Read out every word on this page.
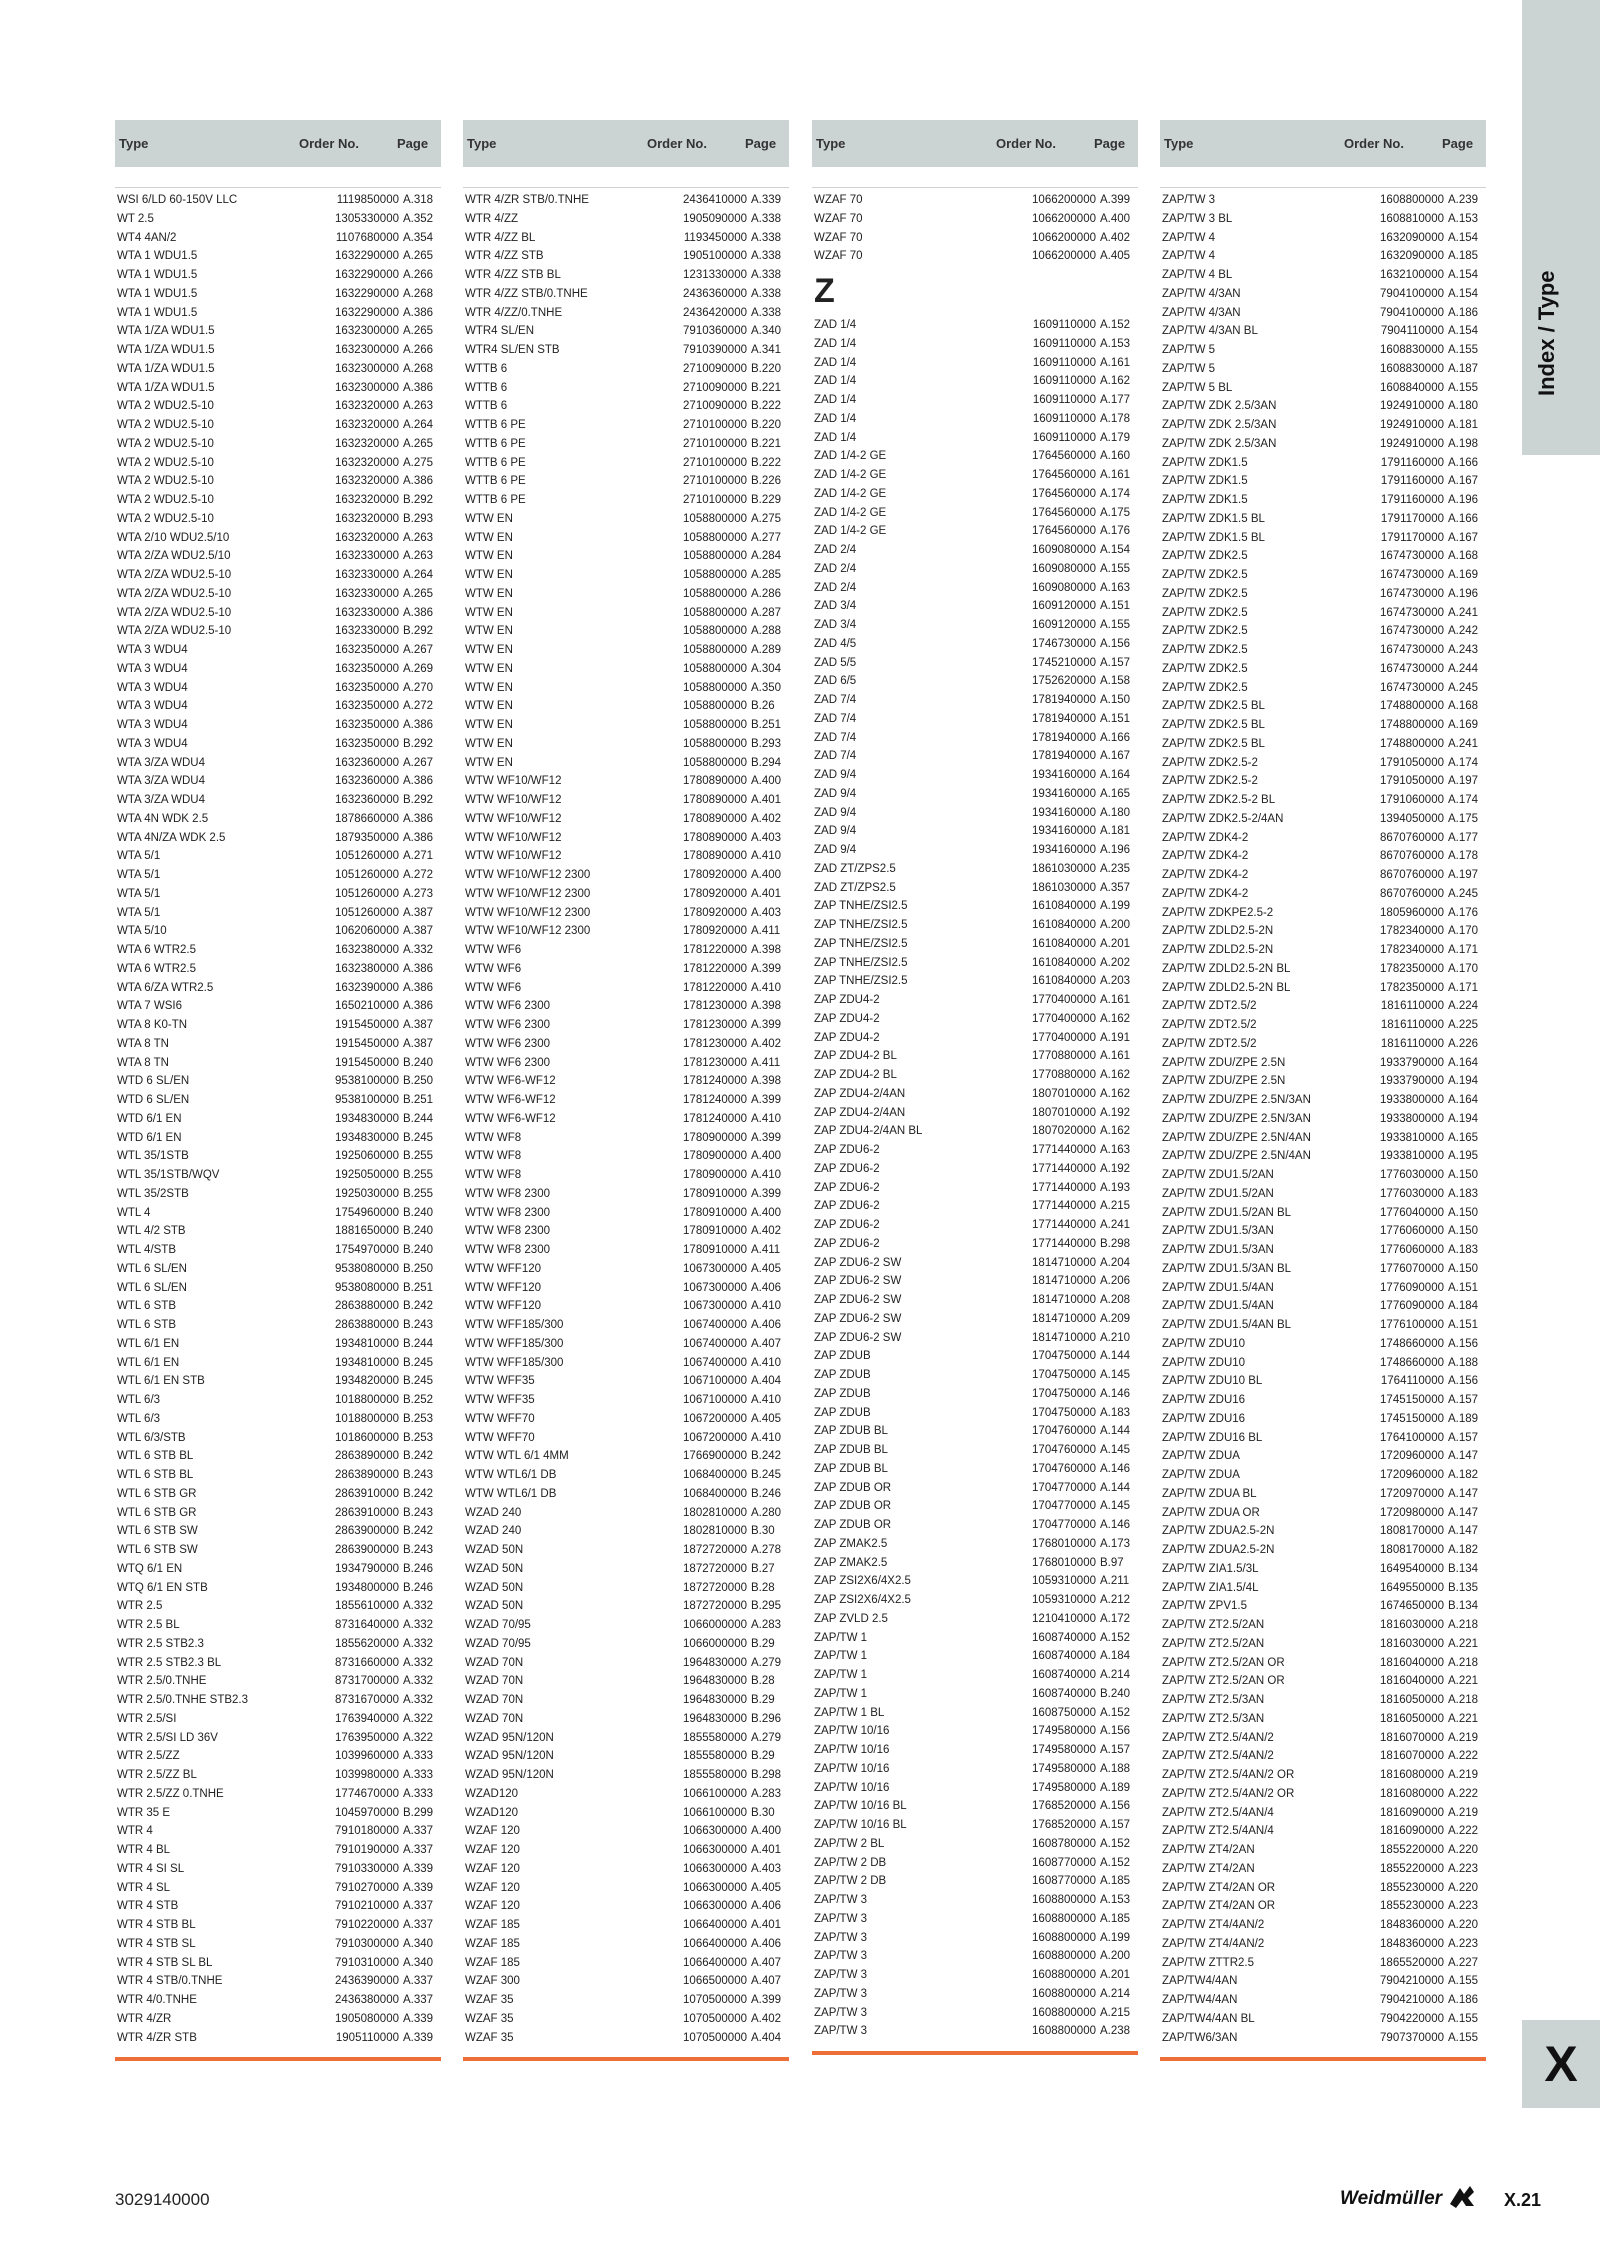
Index / Type
X
Type	Order No.	Page
WSI 6/LD 60-150V LLC	1119850000 A.318
WT 2.5	1305330000 A.352
WT4 4AN/2	1107680000 A.354
WTA 1 WDU1.5	1632290000 A.265
WTA 1 WDU1.5	1632290000 A.266
WTA 1 WDU1.5	1632290000 A.268
WTA 1 WDU1.5	1632290000 A.386
WTA 1/ZA WDU1.5	1632300000 A.265
WTA 1/ZA WDU1.5	1632300000 A.266
WTA 1/ZA WDU1.5	1632300000 A.268
WTA 1/ZA WDU1.5	1632300000 A.386
WTA 2 WDU2.5-10	1632320000 A.263
WTA 2 WDU2.5-10	1632320000 A.264
WTA 2 WDU2.5-10	1632320000 A.265
WTA 2 WDU2.5-10	1632320000 A.275
WTA 2 WDU2.5-10	1632320000 A.386
WTA 2 WDU2.5-10	1632320000 B.292
WTA 2 WDU2.5-10	1632320000 B.293
WTA 2/10 WDU2.5/10	1632320000 A.263
WTA 2/ZA WDU2.5/10	1632330000 A.263
WTA 2/ZA WDU2.5-10	1632330000 A.264
WTA 2/ZA WDU2.5-10	1632330000 A.265
WTA 2/ZA WDU2.5-10	1632330000 A.386
WTA 2/ZA WDU2.5-10	1632330000 B.292
WTA 3 WDU4	1632350000 A.267
WTA 3 WDU4	1632350000 A.269
WTA 3 WDU4	1632350000 A.270
WTA 3 WDU4	1632350000 A.272
WTA 3 WDU4	1632350000 A.386
WTA 3 WDU4	1632350000 B.292
WTA 3/ZA WDU4	1632360000 A.267
WTA 3/ZA WDU4	1632360000 A.386
WTA 3/ZA WDU4	1632360000 B.292
WTA 4N WDK 2.5	1878660000 A.386
WTA 4N/ZA WDK 2.5	1879350000 A.386
WTA 5/1	1051260000 A.271
WTA 5/1	1051260000 A.272
WTA 5/1	1051260000 A.273
WTA 5/1	1051260000 A.387
WTA 5/10	1062060000 A.387
WTA 6 WTR2.5	1632380000 A.332
WTA 6 WTR2.5	1632380000 A.386
WTA 6/ZA WTR2.5	1632390000 A.386
WTA 7 WSI6	1650210000 A.386
WTA 8 K0-TN	1915450000 A.387
WTA 8 TN	1915450000 A.387
WTA 8 TN	1915450000 B.240
WTD 6 SL/EN	9538100000 B.250
WTD 6 SL/EN	9538100000 B.251
WTD 6/1 EN	1934830000 B.244
WTD 6/1 EN	1934830000 B.245
WTL 35/1STB	1925060000 B.255
WTL 35/1STB/WQV	1925050000 B.255
WTL 35/2STB	1925030000 B.255
WTL 4	1754960000 B.240
WTL 4/2 STB	1881650000 B.240
WTL 4/STB	1754970000 B.240
WTL 6 SL/EN	9538080000 B.250
WTL 6 SL/EN	9538080000 B.251
WTL 6 STB	2863880000 B.242
WTL 6 STB	2863880000 B.243
WTL 6/1 EN	1934810000 B.244
WTL 6/1 EN	1934810000 B.245
WTL 6/1 EN STB	1934820000 B.245
WTL 6/3	1018800000 B.252
WTL 6/3	1018800000 B.253
WTL 6/3/STB	1018600000 B.253
WTL 6 STB BL	2863890000 B.242
WTL 6 STB BL	2863890000 B.243
WTL 6 STB GR	2863910000 B.242
WTL 6 STB GR	2863910000 B.243
WTL 6 STB SW	2863900000 B.242
WTL 6 STB SW	2863900000 B.243
WTQ 6/1 EN	1934790000 B.246
WTQ 6/1 EN STB	1934800000 B.246
WTR 2.5	1855610000 A.332
WTR 2.5 BL	8731640000 A.332
WTR 2.5 STB2.3	1855620000 A.332
WTR 2.5 STB2.3 BL	8731660000 A.332
WTR 2.5/0.TNHE	8731700000 A.332
WTR 2.5/0.TNHE STB2.3	8731670000 A.332
WTR 2.5/SI	1763940000 A.322
WTR 2.5/SI LD 36V	1763950000 A.322
WTR 2.5/ZZ	1039960000 A.333
WTR 2.5/ZZ BL	1039980000 A.333
WTR 2.5/ZZ 0.TNHE	1774670000 A.333
WTR 35 E	1045970000 B.299
WTR 4	7910180000 A.337
WTR 4 BL	7910190000 A.337
WTR 4 SI SL	7910330000 A.339
WTR 4 SL	7910270000 A.339
WTR 4 STB	7910210000 A.337
WTR 4 STB BL	7910220000 A.337
WTR 4 STB SL	7910300000 A.340
WTR 4 STB SL BL	7910310000 A.340
WTR 4 STB/0.TNHE	2436390000 A.337
WTR 4/0.TNHE	2436380000 A.337
WTR 4/ZR	1905080000 A.339
WTR 4/ZR STB	1905110000 A.339
Type	Order No.	Page
WTR 4/ZR STB/0.TNHE	2436410000 A.339
WTR 4/ZZ	1905090000 A.338
WTR 4/ZZ BL	1193450000 A.338
WTR 4/ZZ STB	1905100000 A.338
WTR 4/ZZ STB BL	1231330000 A.338
WTR 4/ZZ STB/0.TNHE	2436360000 A.338
WTR 4/ZZ/0.TNHE	2436420000 A.338
WTR4 SL/EN	7910360000 A.340
WTR4 SL/EN STB	7910390000 A.341
WTTB 6	2710090000 B.220
WTTB 6	2710090000 B.221
WTTB 6	2710090000 B.222
WTTB 6 PE	2710100000 B.220
WTTB 6 PE	2710100000 B.221
WTTB 6 PE	2710100000 B.222
WTTB 6 PE	2710100000 B.226
WTTB 6 PE	2710100000 B.229
WTW EN	1058800000 A.275
WTW EN	1058800000 A.277
WTW EN	1058800000 A.284
WTW EN	1058800000 A.285
WTW EN	1058800000 A.286
WTW EN	1058800000 A.287
WTW EN	1058800000 A.288
WTW EN	1058800000 A.289
WTW EN	1058800000 A.304
WTW EN	1058800000 A.350
WTW EN	1058800000 B.26
WTW EN	1058800000 B.251
WTW EN	1058800000 B.293
WTW EN	1058800000 B.294
WTW WF10/WF12	1780890000 A.400
WTW WF10/WF12	1780890000 A.401
WTW WF10/WF12	1780890000 A.402
WTW WF10/WF12	1780890000 A.403
WTW WF10/WF12	1780890000 A.410
WTW WF10/WF12 2300	1780920000 A.400
WTW WF10/WF12 2300	1780920000 A.401
WTW WF10/WF12 2300	1780920000 A.403
WTW WF10/WF12 2300	1780920000 A.411
WTW WF6	1781220000 A.398
WTW WF6	1781220000 A.399
WTW WF6	1781220000 A.410
WTW WF6 2300	1781230000 A.398
WTW WF6 2300	1781230000 A.399
WTW WF6 2300	1781230000 A.402
WTW WF6 2300	1781230000 A.411
WTW WF6-WF12	1781240000 A.398
WTW WF6-WF12	1781240000 A.399
WTW WF6-WF12	1781240000 A.410
WTW WF8	1780900000 A.399
WTW WF8	1780900000 A.400
WTW WF8	1780900000 A.410
WTW WF8 2300	1780910000 A.399
WTW WF8 2300	1780910000 A.400
WTW WF8 2300	1780910000 A.402
WTW WF8 2300	1780910000 A.411
WTW WFF120	1067300000 A.405
WTW WFF120	1067300000 A.406
WTW WFF120	1067300000 A.410
WTW WFF185/300	1067400000 A.406
WTW WFF185/300	1067400000 A.407
WTW WFF185/300	1067400000 A.410
WTW WFF35	1067100000 A.404
WTW WFF35	1067100000 A.410
WTW WFF70	1067200000 A.405
WTW WFF70	1067200000 A.410
WTW WTL 6/1 4MM	1766900000 B.242
WTW WTL6/1 DB	1068400000 B.245
WTW WTL6/1 DB	1068400000 B.246
WZAD 240	1802810000 A.280
WZAD 240	1802810000 B.30
WZAD 50N	1872720000 A.278
WZAD 50N	1872720000 B.27
WZAD 50N	1872720000 B.28
WZAD 50N	1872720000 B.295
WZAD 70/95	1066000000 A.283
WZAD 70/95	1066000000 B.29
WZAD 70N	1964830000 A.279
WZAD 70N	1964830000 B.28
WZAD 70N	1964830000 B.29
WZAD 70N	1964830000 B.296
WZAD 95N/120N	1855580000 A.279
WZAD 95N/120N	1855580000 B.29
WZAD 95N/120N	1855580000 B.298
WZAD120	1066100000 A.283
WZAD120	1066100000 B.30
WZAF 120	1066300000 A.400
WZAF 120	1066300000 A.401
WZAF 120	1066300000 A.403
WZAF 120	1066300000 A.405
WZAF 120	1066300000 A.406
WZAF 185	1066400000 A.401
WZAF 185	1066400000 A.406
WZAF 185	1066400000 A.407
WZAF 300	1066500000 A.407
WZAF 35	1070500000 A.399
WZAF 35	1070500000 A.402
WZAF 35	1070500000 A.404
Type	Order No.	Page
WZAF 70	1066200000 A.399
WZAF 70	1066200000 A.400
WZAF 70	1066200000 A.402
WZAF 70	1066200000 A.405
Z
ZAD 1/4	1609110000 A.152
ZAD 1/4	1609110000 A.153
ZAD 1/4	1609110000 A.161
ZAD 1/4	1609110000 A.162
ZAD 1/4	1609110000 A.177
ZAD 1/4	1609110000 A.178
ZAD 1/4	1609110000 A.179
ZAD 1/4-2 GE	1764560000 A.160
ZAD 1/4-2 GE	1764560000 A.161
ZAD 1/4-2 GE	1764560000 A.174
ZAD 1/4-2 GE	1764560000 A.175
ZAD 1/4-2 GE	1764560000 A.176
ZAD 2/4	1609080000 A.154
ZAD 2/4	1609080000 A.155
ZAD 2/4	1609080000 A.163
ZAD 3/4	1609120000 A.151
ZAD 3/4	1609120000 A.155
ZAD 4/5	1746730000 A.156
ZAD 5/5	1745210000 A.157
ZAD 6/5	1752620000 A.158
ZAD 7/4	1781940000 A.150
ZAD 7/4	1781940000 A.151
ZAD 7/4	1781940000 A.166
ZAD 7/4	1781940000 A.167
ZAD 9/4	1934160000 A.164
ZAD 9/4	1934160000 A.165
ZAD 9/4	1934160000 A.180
ZAD 9/4	1934160000 A.181
ZAD 9/4	1934160000 A.196
ZAD ZT/ZPS2.5	1861030000 A.235
ZAD ZT/ZPS2.5	1861030000 A.357
ZAP TNHE/ZSI2.5	1610840000 A.199
ZAP TNHE/ZSI2.5	1610840000 A.200
ZAP TNHE/ZSI2.5	1610840000 A.201
ZAP TNHE/ZSI2.5	1610840000 A.202
ZAP TNHE/ZSI2.5	1610840000 A.203
ZAP ZDU4-2	1770400000 A.161
ZAP ZDU4-2	1770400000 A.162
ZAP ZDU4-2	1770400000 A.191
ZAP ZDU4-2 BL	1770880000 A.161
ZAP ZDU4-2 BL	1770880000 A.162
ZAP ZDU4-2/4AN	1807010000 A.162
ZAP ZDU4-2/4AN	1807010000 A.192
ZAP ZDU4-2/4AN BL	1807020000 A.162
ZAP ZDU6-2	1771440000 A.163
ZAP ZDU6-2	1771440000 A.192
ZAP ZDU6-2	1771440000 A.193
ZAP ZDU6-2	1771440000 A.215
ZAP ZDU6-2	1771440000 A.241
ZAP ZDU6-2	1771440000 B.298
ZAP ZDU6-2 SW	1814710000 A.204
ZAP ZDU6-2 SW	1814710000 A.206
ZAP ZDU6-2 SW	1814710000 A.208
ZAP ZDU6-2 SW	1814710000 A.209
ZAP ZDU6-2 SW	1814710000 A.210
ZAP ZDUB	1704750000 A.144
ZAP ZDUB	1704750000 A.145
ZAP ZDUB	1704750000 A.146
ZAP ZDUB	1704750000 A.183
ZAP ZDUB BL	1704760000 A.144
ZAP ZDUB BL	1704760000 A.145
ZAP ZDUB BL	1704760000 A.146
ZAP ZDUB OR	1704770000 A.144
ZAP ZDUB OR	1704770000 A.145
ZAP ZDUB OR	1704770000 A.146
ZAP ZMAK2.5	1768010000 A.173
ZAP ZMAK2.5	1768010000 B.97
ZAP ZSI2X6/4X2.5	1059310000 A.211
ZAP ZSI2X6/4X2.5	1059310000 A.212
ZAP ZVLD 2.5	1210410000 A.172
ZAP/TW 1	1608740000 A.152
ZAP/TW 1	1608740000 A.184
ZAP/TW 1	1608740000 A.214
ZAP/TW 1	1608740000 B.240
ZAP/TW 1 BL	1608750000 A.152
ZAP/TW 10/16	1749580000 A.156
ZAP/TW 10/16	1749580000 A.157
ZAP/TW 10/16	1749580000 A.188
ZAP/TW 10/16	1749580000 A.189
ZAP/TW 10/16 BL	1768520000 A.156
ZAP/TW 10/16 BL	1768520000 A.157
ZAP/TW 2 BL	1608780000 A.152
ZAP/TW 2 DB	1608770000 A.152
ZAP/TW 2 DB	1608770000 A.185
ZAP/TW 3	1608800000 A.153
ZAP/TW 3	1608800000 A.185
ZAP/TW 3	1608800000 A.199
ZAP/TW 3	1608800000 A.200
ZAP/TW 3	1608800000 A.201
ZAP/TW 3	1608800000 A.214
ZAP/TW 3	1608800000 A.215
ZAP/TW 3	1608800000 A.238
Type	Order No.	Page
ZAP/TW 3	1608800000 A.239
ZAP/TW 3 BL	1608810000 A.153
ZAP/TW 4	1632090000 A.154
ZAP/TW 4	1632090000 A.185
ZAP/TW 4 BL	1632100000 A.154
ZAP/TW 4/3AN	7904100000 A.154
ZAP/TW 4/3AN	7904100000 A.186
ZAP/TW 4/3AN BL	7904110000 A.154
ZAP/TW 5	1608830000 A.155
ZAP/TW 5	1608830000 A.187
ZAP/TW 5 BL	1608840000 A.155
ZAP/TW ZDK 2.5/3AN	1924910000 A.180
ZAP/TW ZDK 2.5/3AN	1924910000 A.181
ZAP/TW ZDK 2.5/3AN	1924910000 A.198
ZAP/TW ZDK1.5	1791160000 A.166
ZAP/TW ZDK1.5	1791160000 A.167
ZAP/TW ZDK1.5	1791160000 A.196
ZAP/TW ZDK1.5 BL	1791170000 A.166
ZAP/TW ZDK1.5 BL	1791170000 A.167
ZAP/TW ZDK2.5	1674730000 A.168
ZAP/TW ZDK2.5	1674730000 A.169
ZAP/TW ZDK2.5	1674730000 A.196
ZAP/TW ZDK2.5	1674730000 A.241
ZAP/TW ZDK2.5	1674730000 A.242
ZAP/TW ZDK2.5	1674730000 A.243
ZAP/TW ZDK2.5	1674730000 A.244
ZAP/TW ZDK2.5	1674730000 A.245
ZAP/TW ZDK2.5 BL	1748800000 A.168
ZAP/TW ZDK2.5 BL	1748800000 A.169
ZAP/TW ZDK2.5 BL	1748800000 A.241
ZAP/TW ZDK2.5-2	1791050000 A.174
ZAP/TW ZDK2.5-2	1791050000 A.197
ZAP/TW ZDK2.5-2 BL	1791060000 A.174
ZAP/TW ZDK2.5-2/4AN	1394050000 A.175
ZAP/TW ZDK4-2	8670760000 A.177
ZAP/TW ZDK4-2	8670760000 A.178
ZAP/TW ZDK4-2	8670760000 A.197
ZAP/TW ZDK4-2	8670760000 A.245
ZAP/TW ZDKPE2.5-2	1805960000 A.176
ZAP/TW ZDLD2.5-2N	1782340000 A.170
ZAP/TW ZDLD2.5-2N	1782340000 A.171
ZAP/TW ZDLD2.5-2N BL	1782350000 A.170
ZAP/TW ZDLD2.5-2N BL	1782350000 A.171
ZAP/TW ZDT2.5/2	1816110000 A.224
ZAP/TW ZDT2.5/2	1816110000 A.225
ZAP/TW ZDT2.5/2	1816110000 A.226
ZAP/TW ZDU/ZPE 2.5N	1933790000 A.164
ZAP/TW ZDU/ZPE 2.5N	1933790000 A.194
ZAP/TW ZDU/ZPE 2.5N/3AN	1933800000 A.164
ZAP/TW ZDU/ZPE 2.5N/3AN	1933800000 A.194
ZAP/TW ZDU/ZPE 2.5N/4AN	1933810000 A.165
ZAP/TW ZDU/ZPE 2.5N/4AN	1933810000 A.195
ZAP/TW ZDU1.5/2AN	1776030000 A.150
ZAP/TW ZDU1.5/2AN	1776030000 A.183
ZAP/TW ZDU1.5/2AN BL	1776040000 A.150
ZAP/TW ZDU1.5/3AN	1776060000 A.150
ZAP/TW ZDU1.5/3AN	1776060000 A.183
ZAP/TW ZDU1.5/3AN BL	1776070000 A.150
ZAP/TW ZDU1.5/4AN	1776090000 A.151
ZAP/TW ZDU1.5/4AN	1776090000 A.184
ZAP/TW ZDU1.5/4AN BL	1776100000 A.151
ZAP/TW ZDU10	1748660000 A.156
ZAP/TW ZDU10	1748660000 A.188
ZAP/TW ZDU10 BL	1764110000 A.156
ZAP/TW ZDU16	1745150000 A.157
ZAP/TW ZDU16	1745150000 A.189
ZAP/TW ZDU16 BL	1764100000 A.157
ZAP/TW ZDUA	1720960000 A.147
ZAP/TW ZDUA	1720960000 A.182
ZAP/TW ZDUA BL	1720970000 A.147
ZAP/TW ZDUA OR	1720980000 A.147
ZAP/TW ZDUA2.5-2N	1808170000 A.147
ZAP/TW ZDUA2.5-2N	1808170000 A.182
ZAP/TW ZIA1.5/3L	1649540000 B.134
ZAP/TW ZIA1.5/4L	1649550000 B.135
ZAP/TW ZPV1.5	1674650000 B.134
ZAP/TW ZT2.5/2AN	1816030000 A.218
ZAP/TW ZT2.5/2AN	1816030000 A.221
ZAP/TW ZT2.5/2AN OR	1816040000 A.218
ZAP/TW ZT2.5/2AN OR	1816040000 A.221
ZAP/TW ZT2.5/3AN	1816050000 A.218
ZAP/TW ZT2.5/3AN	1816050000 A.221
ZAP/TW ZT2.5/4AN/2	1816070000 A.219
ZAP/TW ZT2.5/4AN/2	1816070000 A.222
ZAP/TW ZT2.5/4AN/2 OR	1816080000 A.219
ZAP/TW ZT2.5/4AN/2 OR	1816080000 A.222
ZAP/TW ZT2.5/4AN/4	1816090000 A.219
ZAP/TW ZT2.5/4AN/4	1816090000 A.222
ZAP/TW ZT4/2AN	1855220000 A.220
ZAP/TW ZT4/2AN	1855220000 A.223
ZAP/TW ZT4/2AN OR	1855230000 A.220
ZAP/TW ZT4/2AN OR	1855230000 A.223
ZAP/TW ZT4/4AN/2	1848360000 A.220
ZAP/TW ZT4/4AN/2	1848360000 A.223
ZAP/TW ZTTR2.5	1865520000 A.227
ZAP/TW4/4AN	7904210000 A.155
ZAP/TW4/4AN	7904210000 A.186
ZAP/TW4/4AN BL	7904220000 A.155
ZAP/TW6/3AN	7907370000 A.155
3029140000	Weidmüller	X.21
